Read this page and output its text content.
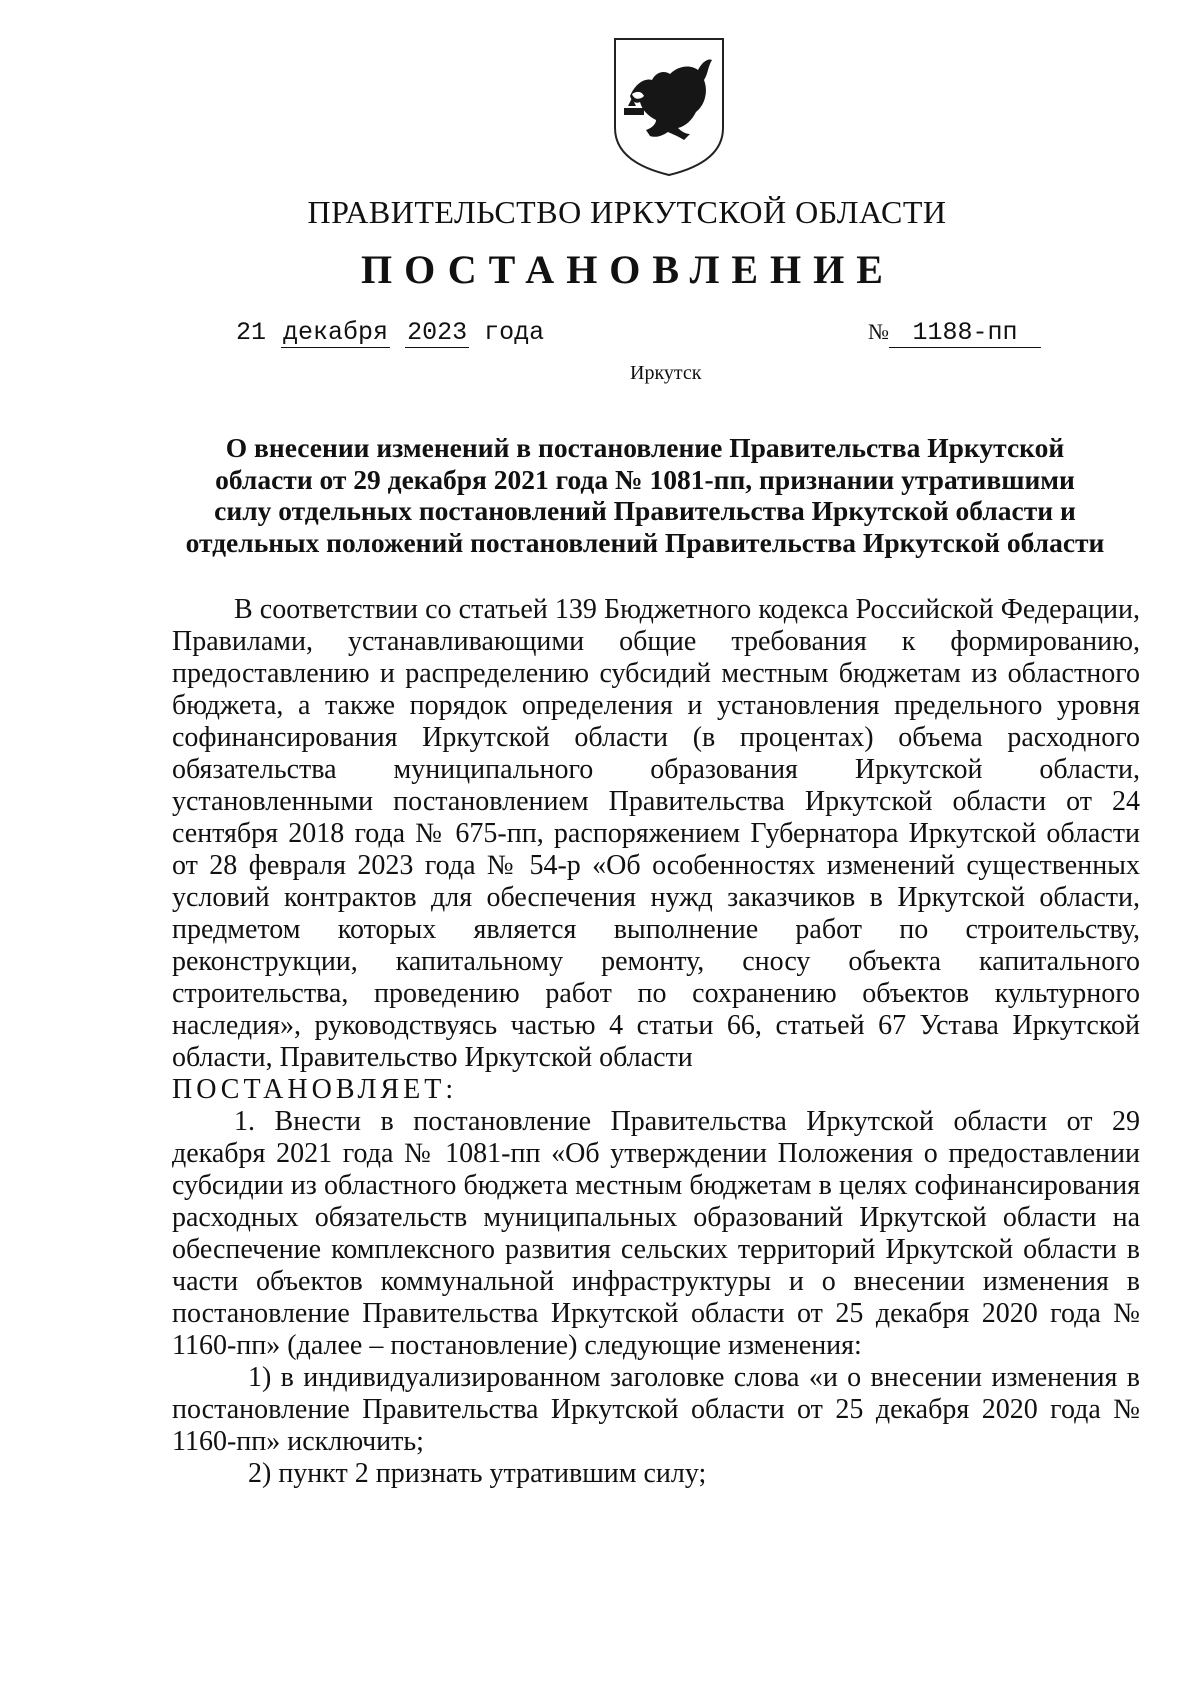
ПРАВИТЕЛЬСТВО ИРКУТСКОЙ ОБЛАСТИ
ПОСТАНОВЛЕНИЕ
21 декабря 2023 года	№ 1188-пп
Иркутск
О внесении изменений в постановление Правительства Иркутской
области от 29 декабря 2021 года № 1081-пп, признании утратившими
силу отдельных постановлений Правительства Иркутской области и
отдельных положений постановлений Правительства Иркутской области

В соответствии со статьей 139 Бюджетного кодекса Российской Федерации, Правилами, устанавливающими общие требования к формированию, предоставлению и распределению субсидий местным бюджетам из областного бюджета, а также порядок определения и установления предельного уровня софинансирования Иркутской области (в процентах) объема расходного обязательства муниципального образования Иркутской области, установленными постановлением Правительства Иркутской области от 24 сентября 2018 года № 675-пп, распоряжением Губернатора Иркутской области от 28 февраля 2023 года № 54-р «Об особенностях изменений существенных условий контрактов для обеспечения нужд заказчиков в Иркутской области, предметом которых является выполнение работ по строительству, реконструкции, капитальному ремонту, сносу объекта капитального строительства, проведению работ по сохранению объектов культурного наследия», руководствуясь частью 4 статьи 66, статьей 67 Устава Иркутской области, Правительство Иркутской области

ПОСТАНОВЛЯЕТ:

1. Внести в постановление Правительства Иркутской области от 29 декабря 2021 года № 1081-пп «Об утверждении Положения о предоставлении субсидии из областного бюджета местным бюджетам в целях софинансирования расходных обязательств муниципальных образований Иркутской области на обеспечение комплексного развития сельских территорий Иркутской области в части объектов коммунальной инфраструктуры и о внесении изменения в постановление Правительства Иркутской области от 25 декабря 2020 года № 1160-пп» (далее – постановление) следующие изменения:

1) в индивидуализированном заголовке слова «и о внесении изменения в постановление Правительства Иркутской области от 25 декабря 2020 года № 1160-пп» исключить;

2) пункт 2 признать утратившим силу;
